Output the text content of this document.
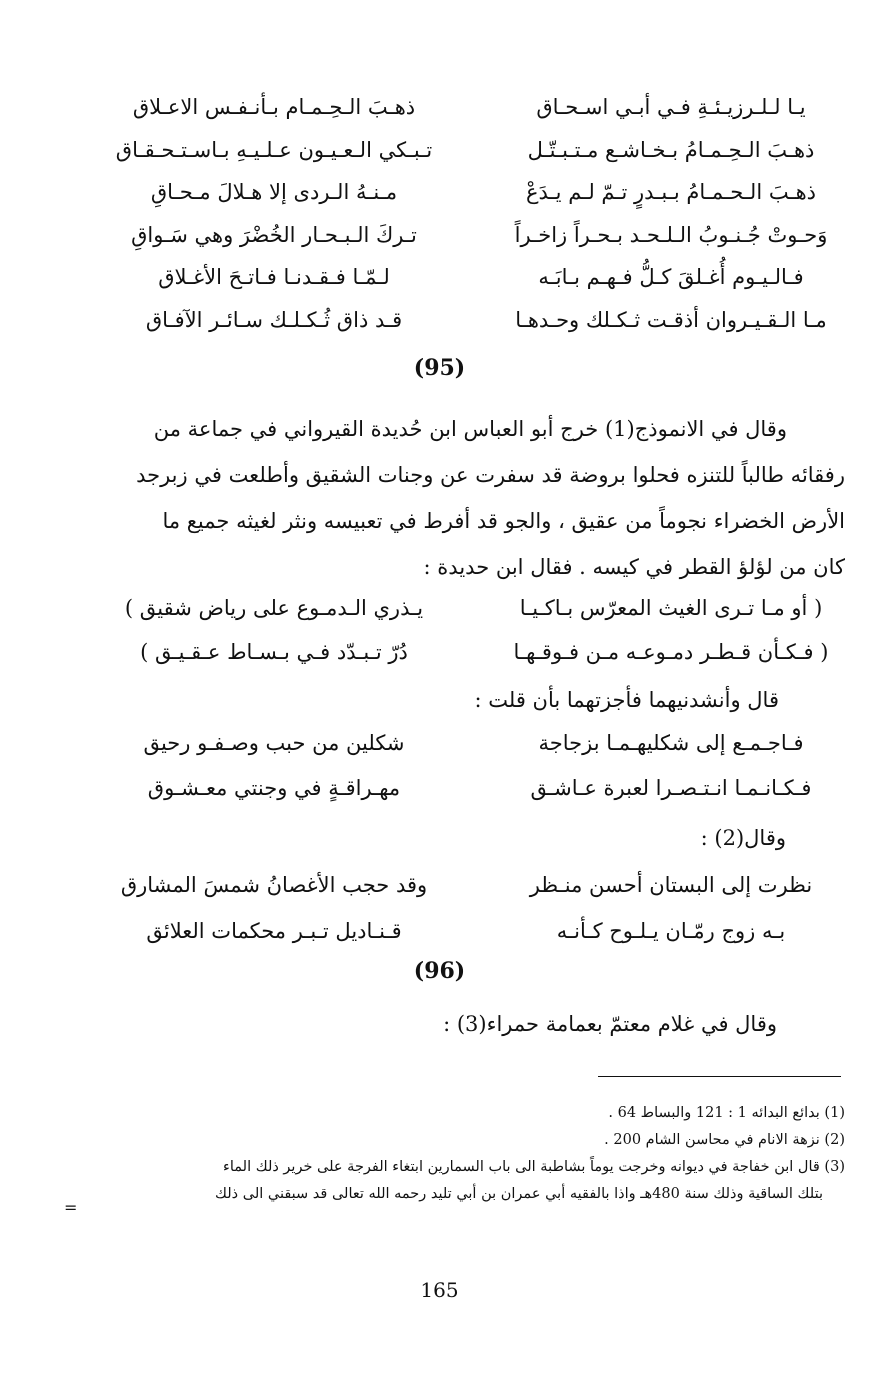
يـا لـلـرزيـئـةِ فـي أبـي اسـحـاق
ذهـبَ الـحِـمـام بـأنـفـس الاعـلاق
ذهـبَ الـحِـمـامُ بـخـاشـع مـتـبـتّـل
تـبـكي الـعـيـون عـلـيـهِ بـاسـتـحـقـاق
ذهـبَ الـحـمـامُ بـبـدرٍ تـمّ لـم يـدَعْ
مـنـهُ الـردى إلا هـلالَ مـحـاقِ
وَحـوتْ جُـنـوبُ الـلـحـد بـحـراً زاخـراً
تـركَ الـبـحـار الخُضْرَ وهي سَـواقِ
فـالـيـوم أُغـلقَ كـلُّ فـهـم بـابَـه
لـمّـا فـقـدنـا فـاتـحَ الأغـلاق
مـا الـقـيـروان أذقـت ثـكـلك وحـدهـا
قـد ذاق ثُـكـلـك سـائـر الآفـاق
(95)
وقال في الانموذج(1) خرج أبو العباس ابن حُديدة القيرواني في جماعة من
رفقائه طالباً للتنزه فحلوا بروضة قد سفرت عن وجنات الشقيق وأطلعت في زبرجد
الأرض الخضراء نجوماً من عقيق ، والجو قد أفرط في تعبيسه ونثر لغيثه جميع ما
كان من لؤلؤ القطر في كيسه . فقال ابن حديدة :
( أو مـا تـرى الغيث المعرّس بـاكـيـا
يـذري الـدمـوع على رياض شقيق )
( فـكـأن قـطـر دمـوعـه مـن فـوقـهـا
دُرّ تـبـدّد فـي بـسـاط عـقـيـق )
قال وأنشدنيهما فأجزتهما بأن قلت :
فـاجـمـع إلى شكليهـمـا بزجاجة
شكلين من حبب وصـفـو رحيق
فـكـانـمـا انـتـصـرا لعبرة عـاشـق
مهـراقـةٍ في وجنتي معـشـوق
وقال(2) :
نظرت إلى البستان أحسن منـظر
وقد حجب الأغصانُ شمسَ المشارق
بـه زوج رمّـان يـلـوح كـأنـه
قـنـاديل تـبـر محكمات العلائق
(96)
وقال في غلام معتمّ بعمامة حمراء(3) :
(1) بدائع البدائه 1 : 121 والبساط 64 .
(2) نزهة الانام في محاسن الشام 200 .
(3) قال ابن خفاجة في ديوانه وخرجت يوماً بشاطبة الى باب السمارين ابتغاء الفرجة على خرير ذلك الماء
بتلك الساقية وذلك سنة 480هـ واذا بالفقيه أبي عمران بن أبي تليد رحمه الله تعالى قد سبقني الى ذلك
=
165
